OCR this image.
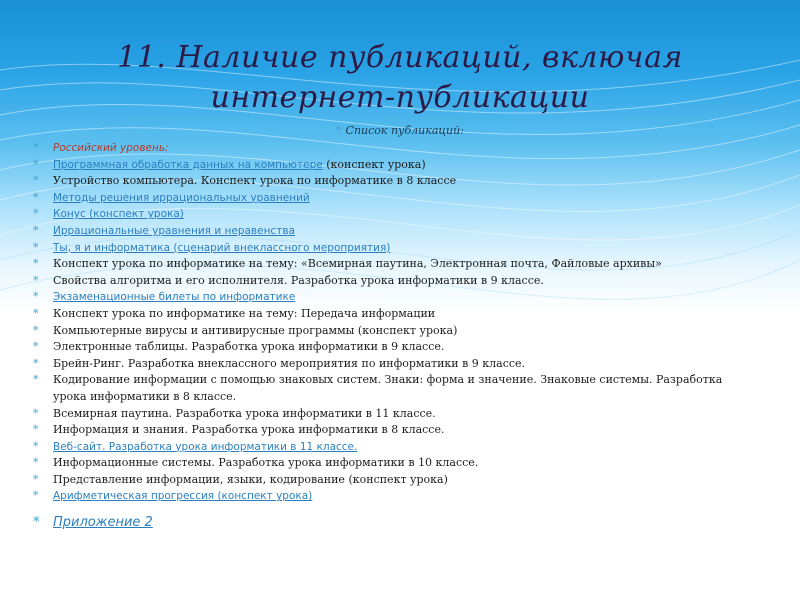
11. Наличие публикаций, включая
интернет-публикации
* Список публикаций:
* Российский уровень:
* Программная обработка данных на компьютере (конспект урока)
* Устройство компьютера. Конспект урока по информатике в 8 классе
* Методы решения иррациональных уравнений
* Конус (конспект урока)
* Иррациональные уравнения и неравенства
* Ты, я и информатика (сценарий внеклассного мероприятия)
* Конспект урока по информатике на тему: «Всемирная паутина, Электронная почта, Файловые архивы»
* Свойства алгоритма и его исполнителя. Разработка урока информатики в 9 классе.
* Экзаменационные билеты по информатике
* Конспект урока по информатике на тему: Передача информации
* Компьютерные вирусы и антивирусные программы (конспект урока)
* Электронные таблицы. Разработка урока информатики в 9 классе.
* Брейн-Ринг. Разработка внеклассного мероприятия по информатики в 9 классе.
* Кодирование информации с помощью знаковых систем. Знаки: форма и значение. Знаковые системы. Разработка урока информатики в 8 классе.
* Всемирная паутина. Разработка урока информатики в 11 классе.
* Информация и знания. Разработка урока информатики в 8 классе.
* Веб-сайт. Разработка урока информатики в 11 классе.
* Информационные системы. Разработка урока информатики в 10 классе.
* Представление информации, языки, кодирование (конспект урока)
* Арифметическая прогрессия (конспект урока)
* Приложение 2
